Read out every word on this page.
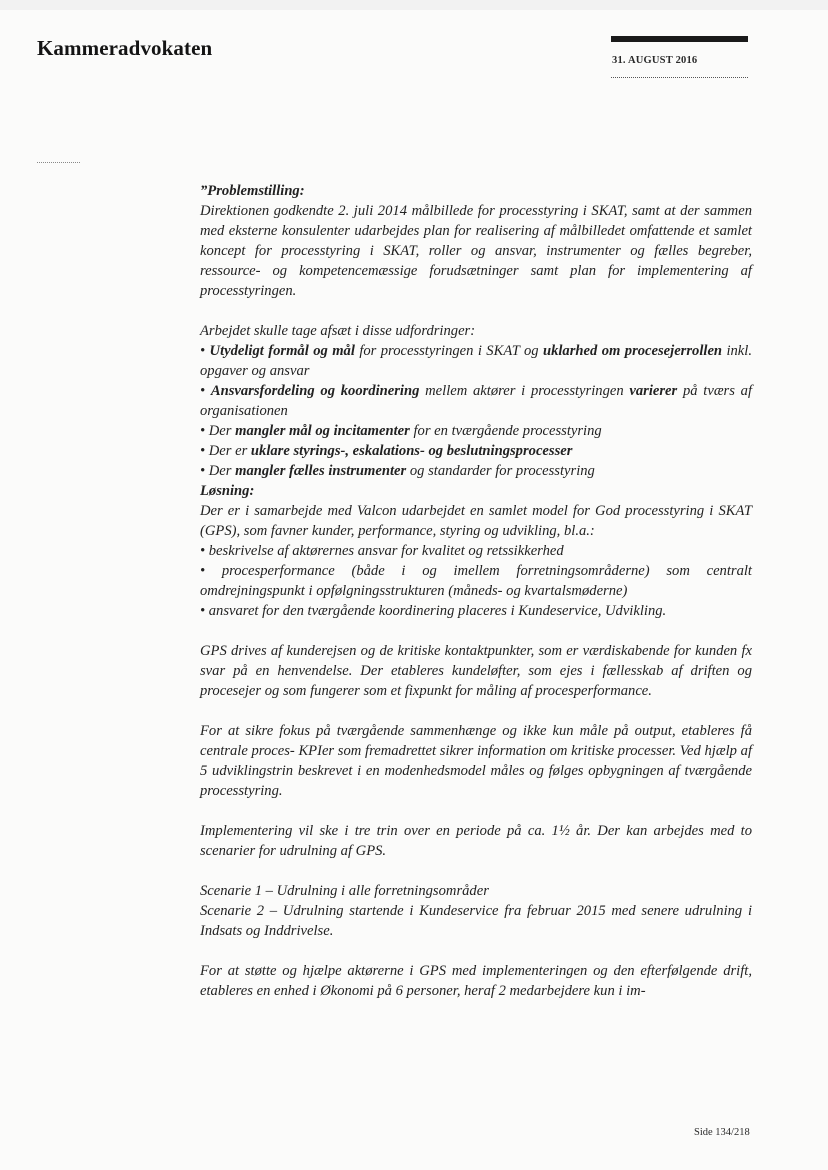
Kammeradvokaten
31. AUGUST 2016

”Problemstilling:

Direktionen godkendte 2. juli 2014 målbillede for processtyring i SKAT, samt at der sammen med eksterne konsulenter udarbejdes plan for realisering af målbilledet omfattende et samlet koncept for processtyring i SKAT, roller og ansvar, instrumenter og fælles begreber, ressource- og kompetencemæssige forudsætninger samt plan for implementering af processtyringen.

Arbejdet skulle tage afsæt i disse udfordringer:

• Utydeligt formål og mål for processtyringen i SKAT og uklarhed om procesejerrollen inkl. opgaver og ansvar

• Ansvarsfordeling og koordinering mellem aktører i processtyringen varierer på tværs af organisationen

• Der mangler mål og incitamenter for en tværgående processtyring

• Der er uklare styrings-, eskalations- og beslutningsprocesser

• Der mangler fælles instrumenter og standarder for processtyring

Løsning:

Der er i samarbejde med Valcon udarbejdet en samlet model for God processtyring i SKAT (GPS), som favner kunder, performance, styring og udvikling, bl.a.:

• beskrivelse af aktørernes ansvar for kvalitet og retssikkerhed

• procesperformance (både i og imellem forretningsområderne) som centralt omdrejningspunkt i opfølgningsstrukturen (måneds- og kvartalsmøderne)

• ansvaret for den tværgående koordinering placeres i Kundeservice, Udvikling.

GPS drives af kunderejsen og de kritiske kontaktpunkter, som er værdiskabende for kunden fx svar på en henvendelse. Der etableres kundeløfter, som ejes i fællesskab af driften og procesejer og som fungerer som et fixpunkt for måling af procesperformance.

For at sikre fokus på tværgående sammenhænge og ikke kun måle på output, etableres få centrale proces- KPIer som fremadrettet sikrer information om kritiske processer. Ved hjælp af 5 udviklingstrin beskrevet i en modenhedsmodel måles og følges opbygningen af tværgående processtyring.

Implementering vil ske i tre trin over en periode på ca. 1½ år. Der kan arbejdes med to scenarier for udrulning af GPS.

Scenarie 1 – Udrulning i alle forretningsområder

Scenarie 2 – Udrulning startende i Kundeservice fra februar 2015 med senere udrulning i Indsats og Inddrivelse.

For at støtte og hjælpe aktørerne i GPS med implementeringen og den efterfølgende drift, etableres en enhed i Økonomi på 6 personer, heraf 2 medarbejdere kun i im-

Side 134/218
